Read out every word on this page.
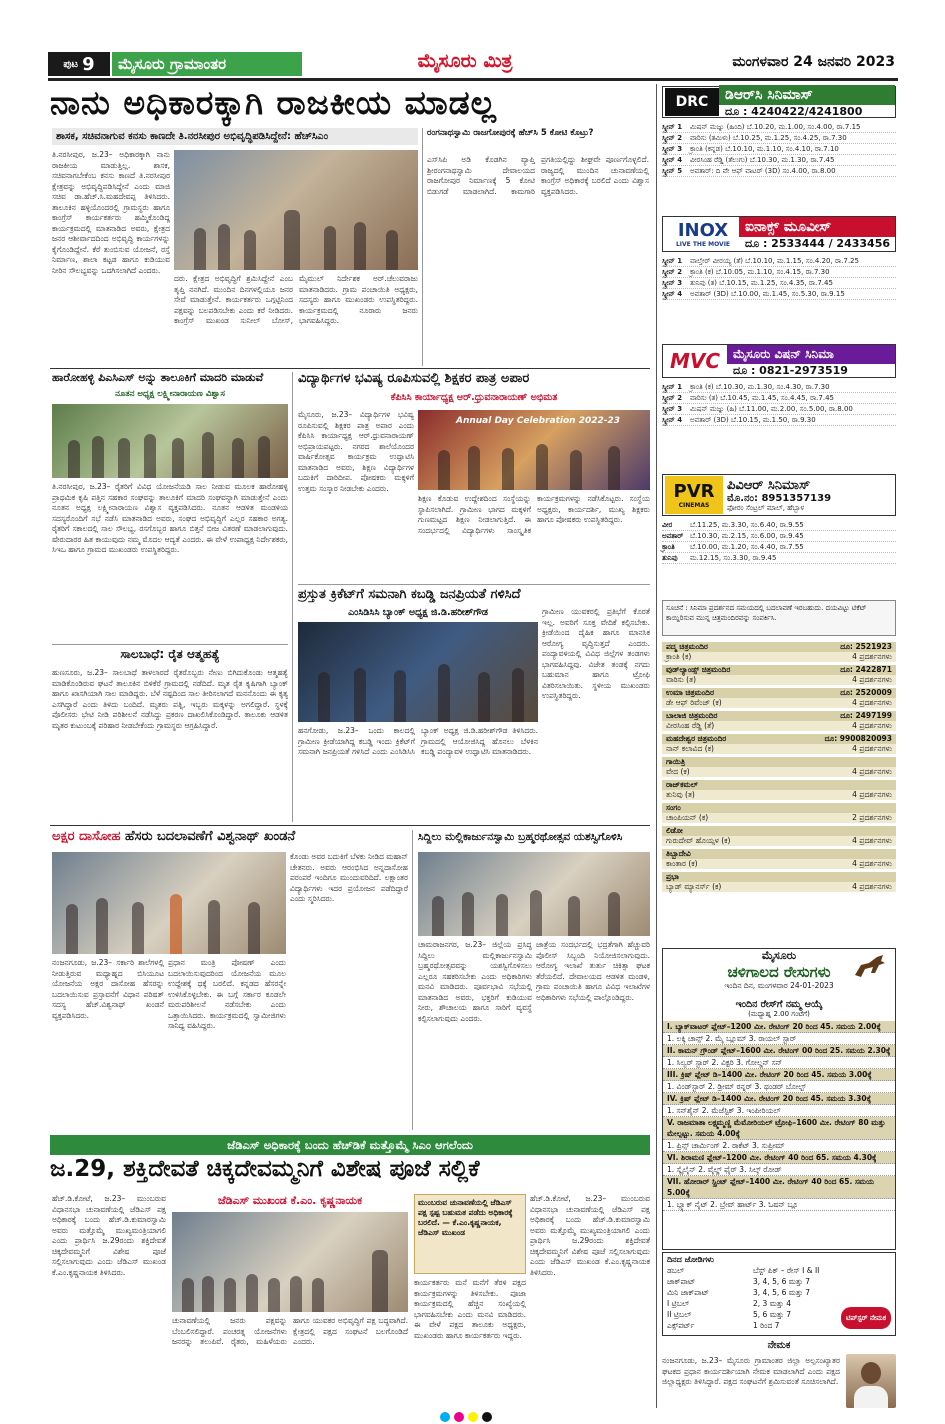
ಪುಟ 9	ಮೈಸೂರು ಗ್ರಾಮಾಂತರ	ಮೈಸೂರು ಮಿತ್ರ	ಮಂಗಳವಾರ 24 ಜನವರಿ 2023
ನಾನು ಅಧಿಕಾರಕ್ಕಾಗಿ ರಾಜಕೀಯ ಮಾಡಲ್ಲ
ಶಾಸಕ, ಸಚಿವನಾಗುವ ಕನಸು ಕಾಣದೇ ತಿ.ನರಸೀಪುರ ಅಭಿವೃದ್ಧಿಪಡಿಸಿದ್ದೇನೆ: ಹೆಚ್‌ಸಿಎಂ
ತಿ.ನರಸೀಪುರ, ಜ.23– ಅಧಿಕಾರಕ್ಕಾಗಿ ನಾನು ರಾಜಕೀಯ ಮಾಡುತ್ತಿಲ್ಲ. ಶಾಸಕ, ಸಚಿವನಾಗಬೇಕೆಂಬ ಕನಸು ಕಾಣದೆ ತಿ.ನರಸೀಪುರ ಕ್ಷೇತ್ರವನ್ನು ಅಭಿವೃದ್ಧಿಪಡಿಸಿದ್ದೇನೆ ಎಂದು ಮಾಜಿ ಸಚಿವ ಡಾ.ಹೆಚ್.ಸಿ.ಮಹದೇವಪ್ಪ ತಿಳಿಸಿದರು. ತಾಲೂಕಿನ ಹಳ್ಳಿಯೊಂದರಲ್ಲಿ ಗ್ರಾಮಸ್ಥರು ಹಾಗೂ ಕಾಂಗ್ರೆಸ್ ಕಾರ್ಯಕರ್ತರು ಹಮ್ಮಿಕೊಂಡಿದ್ದ ಕಾರ್ಯಕ್ರಮದಲ್ಲಿ ಮಾತನಾಡಿದ ಅವರು, ಕ್ಷೇತ್ರದ ಜನರ ಆಶೀರ್ವಾದದಿಂದ ಅಭಿವೃದ್ಧಿ ಕಾರ್ಯಗಳನ್ನು ಕೈಗೊಂಡಿದ್ದೇನೆ. ಕೆರೆ ತುಂಬಿಸುವ ಯೋಜನೆ, ರಸ್ತೆ ನಿರ್ಮಾಣ, ಶಾಲಾ ಕಟ್ಟಡ ಹಾಗೂ ಕುಡಿಯುವ ನೀರಿನ ಸೌಲಭ್ಯವನ್ನು ಒದಗಿಸಲಾಗಿದೆ ಎಂದರು.
ದರು. ಕ್ಷೇತ್ರದ ಅಭಿವೃದ್ಧಿಗೆ ಶ್ರಮಿಸಿದ್ದೇನೆ ಎಂಬ ತೃಪ್ತಿ ನನಗಿದೆ. ಮುಂದಿನ ದಿನಗಳಲ್ಲಿಯೂ ಜನರ ಸೇವೆ ಮಾಡುತ್ತೇನೆ. ಕಾರ್ಯಕರ್ತರು ಒಗ್ಗಟ್ಟಿನಿಂದ ಪಕ್ಷವನ್ನು ಬಲಪಡಿಸಬೇಕು ಎಂದು ಕರೆ ನೀಡಿದರು. ಕಾಂಗ್ರೆಸ್ ಮುಖಂಡ ಸುನೀಲ್ ಬೋಸ್, ಮೈಮುಲ್ ನಿರ್ದೇಶಕ ಅರ್.ಚೆಲುವರಾಜು ಮಾತನಾಡಿದರು. ಗ್ರಾಮ ಪಂಚಾಯಿತಿ ಅಧ್ಯಕ್ಷರು, ಸದಸ್ಯರು ಹಾಗೂ ಮುಖಂಡರು ಉಪಸ್ಥಿತರಿದ್ದರು. ಕಾರ್ಯಕ್ರಮದಲ್ಲಿ ನೂರಾರು ಜನರು ಭಾಗವಹಿಸಿದ್ದರು.
ರಂಗನಾಥಸ್ವಾಮಿ ರಾಜಗೋಪುರಕ್ಕೆ ಹೆಚ್‌ಸಿ 5 ಕೋಟಿ ಕೊಟ್ರು?
ಎಸ್‌ಸಿಪಿ ಅಡಿ ಕೊಡಗಿನ ವ್ಯಾಪ್ತಿ ಶ್ರೀರಂಗನಾಥಸ್ವಾಮಿ ದೇವಾಲಯದ ರಾಜಗೋಪುರ ನಿರ್ಮಾಣಕ್ಕೆ 5 ಕೋಟಿ ಬಿಡುಗಡೆ ಮಾಡಲಾಗಿದೆ. ಕಾಮಗಾರಿ ಪ್ರಗತಿಯಲ್ಲಿದ್ದು ಶೀಘ್ರವೇ ಪೂರ್ಣಗೊಳ್ಳಲಿದೆ. ರಾಜ್ಯದಲ್ಲಿ ಮುಂದಿನ ಚುನಾವಣೆಯಲ್ಲಿ ಕಾಂಗ್ರೆಸ್ ಅಧಿಕಾರಕ್ಕೆ ಬರಲಿದೆ ಎಂದು ವಿಶ್ವಾಸ ವ್ಯಕ್ತಪಡಿಸಿದರು.
ಹಾರೋಹಳ್ಳಿ ಪಿಎಸಿಎಸ್ ಅನ್ನು ತಾಲೂಕಿಗೆ ಮಾದರಿ ಮಾಡುವೆ
ನೂತನ ಅಧ್ಯಕ್ಷ ಲಕ್ಷ್ಮೀನಾರಾಯಣ ವಿಶ್ವಾಸ
ತಿ.ನರಸೀಪುರ, ಜ.23– ರೈತರಿಗೆ ವಿವಿಧ ಯೋಜನೆಯಡಿ ಸಾಲ ನೀಡುವ ಮೂಲಕ ಹಾರೋಹಳ್ಳಿ ಪ್ರಾಥಮಿಕ ಕೃಷಿ ಪತ್ತಿನ ಸಹಕಾರ ಸಂಘವನ್ನು ತಾಲೂಕಿಗೆ ಮಾದರಿ ಸಂಘವನ್ನಾಗಿ ಮಾಡುತ್ತೇನೆ ಎಂದು ನೂತನ ಅಧ್ಯಕ್ಷ ಲಕ್ಷ್ಮೀನಾರಾಯಣ ವಿಶ್ವಾಸ ವ್ಯಕ್ತಪಡಿಸಿದರು. ನೂತನ ಆಡಳಿತ ಮಂಡಳಿಯ ಸದಸ್ಯರೊಂದಿಗೆ ಸಭೆ ನಡೆಸಿ ಮಾತನಾಡಿದ ಅವರು, ಸಂಘದ ಅಭಿವೃದ್ಧಿಗೆ ಎಲ್ಲರ ಸಹಕಾರ ಅಗತ್ಯ. ರೈತರಿಗೆ ಸಕಾಲದಲ್ಲಿ ಸಾಲ ಸೌಲಭ್ಯ, ರಸಗೊಬ್ಬರ ಹಾಗೂ ಬಿತ್ತನೆ ಬೀಜ ವಿತರಣೆ ಮಾಡಲಾಗುವುದು. ಷೇರುದಾರರ ಹಿತ ಕಾಯುವುದು ನಮ್ಮ ಮೊದಲ ಆದ್ಯತೆ ಎಂದರು. ಈ ವೇಳೆ ಉಪಾಧ್ಯಕ್ಷ ನಿರ್ದೇಶಕರು, ಸಿಇಒ ಹಾಗೂ ಗ್ರಾಮದ ಮುಖಂಡರು ಉಪಸ್ಥಿತರಿದ್ದರು.
ಸಾಲಬಾಧೆ: ರೈತ ಆತ್ಮಹತ್ಯೆ
ಹುಣಸೂರು, ಜ.23– ಸಾಲಬಾಧೆ ತಾಳಲಾರದೆ ರೈತರೊಬ್ಬರು ನೇಣು ಬಿಗಿದುಕೊಂಡು ಆತ್ಮಹತ್ಯೆ ಮಾಡಿಕೊಂಡಿರುವ ಘಟನೆ ತಾಲೂಕಿನ ಬಿಳಿಕೆರೆ ಗ್ರಾಮದಲ್ಲಿ ನಡೆದಿದೆ. ಮೃತ ರೈತ ಕೃಷಿಗಾಗಿ ಬ್ಯಾಂಕ್ ಹಾಗೂ ಖಾಸಗಿಯಾಗಿ ಸಾಲ ಮಾಡಿದ್ದರು. ಬೆಳೆ ನಷ್ಟದಿಂದ ಸಾಲ ತೀರಿಸಲಾಗದೆ ಮನನೊಂದು ಈ ಕೃತ್ಯ ಎಸಗಿದ್ದಾರೆ ಎಂದು ತಿಳಿದು ಬಂದಿದೆ. ಮೃತರು ಪತ್ನಿ, ಇಬ್ಬರು ಮಕ್ಕಳನ್ನು ಅಗಲಿದ್ದಾರೆ. ಸ್ಥಳಕ್ಕೆ ಪೊಲೀಸರು ಭೇಟಿ ನೀಡಿ ಪರಿಶೀಲನೆ ನಡೆಸಿದ್ದು ಪ್ರಕರಣ ದಾಖಲಿಸಿಕೊಂಡಿದ್ದಾರೆ. ತಾಲೂಕು ಆಡಳಿತ ಮೃತರ ಕುಟುಂಬಕ್ಕೆ ಪರಿಹಾರ ನೀಡಬೇಕೆಂದು ಗ್ರಾಮಸ್ಥರು ಆಗ್ರಹಿಸಿದ್ದಾರೆ.
ವಿದ್ಯಾರ್ಥಿಗಳ ಭವಿಷ್ಯ ರೂಪಿಸುವಲ್ಲಿ ಶಿಕ್ಷಕರ ಪಾತ್ರ ಅಪಾರ
ಕೆಪಿಸಿಸಿ ಕಾರ್ಯಾಧ್ಯಕ್ಷ ಆರ್.ಧ್ರುವನಾರಾಯಣ್ ಅಭಿಮತ
ಮೈಸೂರು, ಜ.23– ವಿದ್ಯಾರ್ಥಿಗಳ ಭವಿಷ್ಯ ರೂಪಿಸುವಲ್ಲಿ ಶಿಕ್ಷಕರ ಪಾತ್ರ ಅಪಾರ ಎಂದು ಕೆಪಿಸಿಸಿ ಕಾರ್ಯಾಧ್ಯಕ್ಷ ಆರ್.ಧ್ರುವನಾರಾಯಣ್ ಅಭಿಪ್ರಾಯಪಟ್ಟರು. ನಗರದ ಶಾಲೆಯೊಂದರ ವಾರ್ಷಿಕೋತ್ಸವ ಕಾರ್ಯಕ್ರಮ ಉದ್ಘಾಟಿಸಿ ಮಾತನಾಡಿದ ಅವರು, ಶಿಕ್ಷಣ ವಿದ್ಯಾರ್ಥಿಗಳ ಬದುಕಿಗೆ ದಾರಿದೀಪ. ಪೋಷಕರು ಮಕ್ಕಳಿಗೆ ಉತ್ತಮ ಸಂಸ್ಕಾರ ನೀಡಬೇಕು ಎಂದರು.
Annual Day Celebration 2022-23
ಶಿಕ್ಷಣ ಕೊಡುವ ಉದ್ದೇಶದಿಂದ ಸಂಸ್ಥೆಯನ್ನು ಸ್ಥಾಪಿಸಲಾಗಿದೆ. ಗ್ರಾಮೀಣ ಭಾಗದ ಮಕ್ಕಳಿಗೆ ಗುಣಮಟ್ಟದ ಶಿಕ್ಷಣ ನೀಡಲಾಗುತ್ತಿದೆ. ಈ ಸಂದರ್ಭದಲ್ಲಿ ವಿದ್ಯಾರ್ಥಿಗಳು ಸಾಂಸ್ಕೃತಿಕ ಕಾರ್ಯಕ್ರಮಗಳನ್ನು ನಡೆಸಿಕೊಟ್ಟರು. ಸಂಸ್ಥೆಯ ಅಧ್ಯಕ್ಷರು, ಕಾರ್ಯದರ್ಶಿ, ಮುಖ್ಯ ಶಿಕ್ಷಕರು ಹಾಗೂ ಪೋಷಕರು ಉಪಸ್ಥಿತರಿದ್ದರು.
ಪ್ರಸ್ತುತ ಕ್ರಿಕೆಟ್‌ಗೆ ಸಮನಾಗಿ ಕಬಡ್ಡಿ ಜನಪ್ರಿಯತೆ ಗಳಿಸಿದೆ
ಎಂಸಿಡಿಸಿಸಿ ಬ್ಯಾಂಕ್ ಅಧ್ಯಕ್ಷ ಜಿ.ಡಿ.ಹರೀಶ್‌ಗೌಡ	ಗ್ರಾಮೀಣ ಯುವಕರಲ್ಲಿ ಪ್ರತಿಭೆಗೆ ಕೊರತೆ ಇಲ್ಲ. ಅವರಿಗೆ ಸೂಕ್ತ ವೇದಿಕೆ ಕಲ್ಪಿಸಬೇಕು. ಕ್ರೀಡೆಯಿಂದ ದೈಹಿಕ ಹಾಗೂ ಮಾನಸಿಕ ಆರೋಗ್ಯ ವೃದ್ಧಿಸುತ್ತದೆ ಎಂದರು. ಪಂದ್ಯಾವಳಿಯಲ್ಲಿ ವಿವಿಧ ಜಿಲ್ಲೆಗಳ ತಂಡಗಳು ಭಾಗವಹಿಸಿದ್ದವು. ವಿಜೇತ ತಂಡಕ್ಕೆ ನಗದು ಬಹುಮಾನ ಹಾಗೂ ಟ್ರೋಫಿ ವಿತರಿಸಲಾಯಿತು. ಸ್ಥಳೀಯ ಮುಖಂಡರು ಉಪಸ್ಥಿತರಿದ್ದರು.
ಹನಗೋಡು, ಜ.23– ಒಂದು ಕಾಲದಲ್ಲಿ ಗ್ರಾಮೀಣ ಕ್ರೀಡೆಯಾಗಿದ್ದ ಕಬಡ್ಡಿ ಇಂದು ಕ್ರಿಕೆಟ್‌ಗೆ ಸಮನಾಗಿ ಜನಪ್ರಿಯತೆ ಗಳಿಸಿದೆ ಎಂದು ಎಂಸಿಡಿಸಿಸಿ ಬ್ಯಾಂಕ್ ಅಧ್ಯಕ್ಷ ಜಿ.ಡಿ.ಹರೀಶ್‌ಗೌಡ ತಿಳಿಸಿದರು. ಗ್ರಾಮದಲ್ಲಿ ಆಯೋಜಿಸಿದ್ದ ಹೊನಲು ಬೆಳಕಿನ ಕಬಡ್ಡಿ ಪಂದ್ಯಾವಳಿ ಉದ್ಘಾಟಿಸಿ ಮಾತನಾಡಿದರು.
ಅಕ್ಷರ ದಾಸೋಹ ಹೆಸರು ಬದಲಾವಣೆಗೆ ವಿಶ್ವನಾಥ್ ಖಂಡನೆ
ನಂಜನಗೂಡು, ಜ.23– ಸರ್ಕಾರಿ ಶಾಲೆಗಳಲ್ಲಿ ನೀಡುತ್ತಿರುವ ಮಧ್ಯಾಹ್ನದ ಬಿಸಿಯೂಟ ಯೋಜನೆಯ ಅಕ್ಷರ ದಾಸೋಹ ಹೆಸರನ್ನು ಬದಲಾಯಿಸುವ ಪ್ರಸ್ತಾವನೆಗೆ ವಿಧಾನ ಪರಿಷತ್ ಸದಸ್ಯ ಹೆಚ್.ವಿಶ್ವನಾಥ್ ಖಂಡನೆ ವ್ಯಕ್ತಪಡಿಸಿದರು.
ಪ್ರಧಾನ ಮಂತ್ರಿ ಪೋಷಣ್ ಎಂದು ಬದಲಾಯಿಸುವುದರಿಂದ ಯೋಜನೆಯ ಮೂಲ ಉದ್ದೇಶಕ್ಕೆ ಧಕ್ಕೆ ಬರಲಿದೆ. ಕನ್ನಡದ ಹೆಸರನ್ನೇ ಉಳಿಸಿಕೊಳ್ಳಬೇಕು. ಈ ಬಗ್ಗೆ ಸರ್ಕಾರ ಕೂಡಲೇ ಮರುಪರಿಶೀಲನೆ ನಡೆಸಬೇಕು ಎಂದು ಒತ್ತಾಯಿಸಿದರು. ಕಾರ್ಯಕ್ರಮದಲ್ಲಿ ಸ್ವಾಮೀಜಿಗಳು ಸಾನಿಧ್ಯ ವಹಿಸಿದ್ದರು.
ಕೊಂಡು ಅವರ ಬದುಕಿಗೆ ಬೆಳಕು ನೀಡಿದ ಮಹಾನ್ ಚೇತನರು. ಅವರು ಆರಂಭಿಸಿದ ಅನ್ನದಾಸೋಹ ಪರಂಪರೆ ಇಂದಿಗೂ ಮುಂದುವರಿದಿದೆ. ಲಕ್ಷಾಂತರ ವಿದ್ಯಾರ್ಥಿಗಳು ಇದರ ಪ್ರಯೋಜನ ಪಡೆದಿದ್ದಾರೆ ಎಂದು ಸ್ಮರಿಸಿದರು.
ಸಿದ್ದಿಲು ಮಲ್ಲಿಕಾರ್ಜುನಸ್ವಾಮಿ ಬ್ರಹ್ಮರಥೋತ್ಸವ ಯಶಸ್ವಿಗೊಳಿಸಿ
ಚಾಮರಾಜನಗರ, ಜ.23– ಜಿಲ್ಲೆಯ ಪ್ರಸಿದ್ಧ ಸಿದ್ದಿಲು ಮಲ್ಲಿಕಾರ್ಜುನಸ್ವಾಮಿ ಬ್ರಹ್ಮರಥೋತ್ಸವವನ್ನು ಯಶಸ್ವಿಗೊಳಿಸಲು ಎಲ್ಲರೂ ಸಹಕರಿಸಬೇಕು ಎಂದು ಅಧಿಕಾರಿಗಳು ಮನವಿ ಮಾಡಿದರು. ಪೂರ್ವಭಾವಿ ಸಭೆಯಲ್ಲಿ ಮಾತನಾಡಿದ ಅವರು, ಭಕ್ತರಿಗೆ ಕುಡಿಯುವ ನೀರು, ಶೌಚಾಲಯ ಹಾಗೂ ಸಾರಿಗೆ ವ್ಯವಸ್ಥೆ ಕಲ್ಪಿಸಲಾಗುವುದು ಎಂದರು.
ಜಾತ್ರೆಯ ಸಂದರ್ಭದಲ್ಲಿ ಭದ್ರತೆಗಾಗಿ ಹೆಚ್ಚುವರಿ ಪೊಲೀಸ್ ಸಿಬ್ಬಂದಿ ನಿಯೋಜಿಸಲಾಗುವುದು. ಆರೋಗ್ಯ ಇಲಾಖೆ ತುರ್ತು ಚಿಕಿತ್ಸಾ ಘಟಕ ತೆರೆಯಲಿದೆ. ದೇವಾಲಯದ ಆಡಳಿತ ಮಂಡಳಿ, ಗ್ರಾಮ ಪಂಚಾಯಿತಿ ಹಾಗೂ ವಿವಿಧ ಇಲಾಖೆಗಳ ಅಧಿಕಾರಿಗಳು ಸಭೆಯಲ್ಲಿ ಪಾಲ್ಗೊಂಡಿದ್ದರು.
ಜೆಡಿಎಸ್ ಅಧಿಕಾರಕ್ಕೆ ಬಂದು ಹೆಚ್‌ಡಿಕೆ ಮತ್ತೊಮ್ಮೆ ಸಿಎಂ ಆಗಲೆಂದು
ಜ.29, ಶಕ್ತಿದೇವತೆ ಚಿಕ್ಕದೇವಮ್ಮನಿಗೆ ವಿಶೇಷ ಪೂಜೆ ಸಲ್ಲಿಕೆ
ಹೆಚ್.ಡಿ.ಕೋಟೆ, ಜ.23– ಮುಂಬರುವ ವಿಧಾನಸಭಾ ಚುನಾವಣೆಯಲ್ಲಿ ಜೆಡಿಎಸ್ ಪಕ್ಷ ಅಧಿಕಾರಕ್ಕೆ ಬಂದು ಹೆಚ್.ಡಿ.ಕುಮಾರಸ್ವಾಮಿ ಅವರು ಮತ್ತೊಮ್ಮೆ ಮುಖ್ಯಮಂತ್ರಿಯಾಗಲಿ ಎಂದು ಪ್ರಾರ್ಥಿಸಿ ಜ.29ರಂದು ಶಕ್ತಿದೇವತೆ ಚಿಕ್ಕದೇವಮ್ಮನಿಗೆ ವಿಶೇಷ ಪೂಜೆ ಸಲ್ಲಿಸಲಾಗುವುದು ಎಂದು ಜೆಡಿಎಸ್ ಮುಖಂಡ ಕೆ.ಎಂ.ಕೃಷ್ಣನಾಯಕ ತಿಳಿಸಿದರು.
ಜೆಡಿಎಸ್ ಮುಖಂಡ ಕೆ.ಎಂ. ಕೃಷ್ಣನಾಯಕ
ಚುನಾವಣೆಯಲ್ಲಿ ಜನರು ಪಕ್ಷವನ್ನು ಬೆಂಬಲಿಸಲಿದ್ದಾರೆ. ಪಂಚರತ್ನ ಯೋಜನೆಗಳು ಜನರನ್ನು ತಲುಪಿವೆ. ರೈತರು, ಮಹಿಳೆಯರು ಹಾಗೂ ಯುವಕರ ಅಭಿವೃದ್ಧಿಗೆ ಪಕ್ಷ ಬದ್ಧವಾಗಿದೆ. ಕ್ಷೇತ್ರದಲ್ಲಿ ಪಕ್ಷದ ಸಂಘಟನೆ ಬಲಗೊಂಡಿದೆ ಎಂದರು.
ಮುಂಬರುವ ಚುನಾವಣೆಯಲ್ಲಿ ಜೆಡಿಎಸ್ ಪಕ್ಷ ಸ್ಪಷ್ಟ ಬಹುಮತ ಪಡೆದು ಅಧಿಕಾರಕ್ಕೆ ಬರಲಿದೆ. — ಕೆ.ಎಂ.ಕೃಷ್ಣನಾಯಕ, ಜೆಡಿಎಸ್ ಮುಖಂಡ
ಕಾರ್ಯಕರ್ತರು ಮನೆ ಮನೆಗೆ ತೆರಳಿ ಪಕ್ಷದ ಕಾರ್ಯಕ್ರಮಗಳನ್ನು ತಿಳಿಸಬೇಕು. ಪೂಜಾ ಕಾರ್ಯಕ್ರಮದಲ್ಲಿ ಹೆಚ್ಚಿನ ಸಂಖ್ಯೆಯಲ್ಲಿ ಭಾಗವಹಿಸಬೇಕು ಎಂದು ಮನವಿ ಮಾಡಿದರು. ಈ ವೇಳೆ ಪಕ್ಷದ ತಾಲೂಕು ಅಧ್ಯಕ್ಷರು, ಮುಖಂಡರು ಹಾಗೂ ಕಾರ್ಯಕರ್ತರು ಇದ್ದರು.
ಹೆಚ್.ಡಿ.ಕೋಟೆ, ಜ.23– ಮುಂಬರುವ ವಿಧಾನಸಭಾ ಚುನಾವಣೆಯಲ್ಲಿ ಜೆಡಿಎಸ್ ಪಕ್ಷ ಅಧಿಕಾರಕ್ಕೆ ಬಂದು ಹೆಚ್.ಡಿ.ಕುಮಾರಸ್ವಾಮಿ ಅವರು ಮತ್ತೊಮ್ಮೆ ಮುಖ್ಯಮಂತ್ರಿಯಾಗಲಿ ಎಂದು ಪ್ರಾರ್ಥಿಸಿ ಜ.29ರಂದು ಶಕ್ತಿದೇವತೆ ಚಿಕ್ಕದೇವಮ್ಮನಿಗೆ ವಿಶೇಷ ಪೂಜೆ ಸಲ್ಲಿಸಲಾಗುವುದು ಎಂದು ಜೆಡಿಎಸ್ ಮುಖಂಡ ಕೆ.ಎಂ.ಕೃಷ್ಣನಾಯಕ ತಿಳಿಸಿದರು.
DRC	ಡಿಆರ್‌ಸಿ ಸಿನಿಮಾಸ್
ದೂ : 4240422/4241800
ಸ್ಕ್ರೀನ್ 1	ಮಿಷನ್ ಮಜ್ನು (ಹಿಂದಿ) ಬೆ.10.20, ಮ.1.00, ಸಂ.4.00, ರಾ.7.15
ಸ್ಕ್ರೀನ್ 2	ವಾರಿಸು (ತಮಿಳು) ಬೆ.10.25, ಮ.1.25, ಸಂ.4.25, ರಾ.7.30
ಸ್ಕ್ರೀನ್ 3	ಕ್ರಾಂತಿ (ಕನ್ನಡ) ಬೆ.10.10, ಮ.1.10, ಸಂ.4.10, ರಾ.7.10
ಸ್ಕ್ರೀನ್ 4	ವೀರಸಿಂಹ ರೆಡ್ಡಿ (ತೆಲುಗು) ಬೆ.10.30, ಮ.1.30, ರಾ.7.45
ಸ್ಕ್ರೀನ್ 5	ಅವತಾರ್: ದಿ ವೇ ಆಫ್ ವಾಟರ್ (3D) ಸಂ.4.00, ರಾ.8.00
INOX
LIVE THE MOVIE
ಐನಾಕ್ಸ್ ಮೂವೀಸ್
ದೂ : 2533444 / 2433456
ಸ್ಕ್ರೀನ್ 1	ವಾಲ್ತೇರ್ ವೀರಯ್ಯ (ತೆ) ಬೆ.10.10, ಮ.1.15, ಸಂ.4.20, ರಾ.7.25
ಸ್ಕ್ರೀನ್ 2	ಕ್ರಾಂತಿ (ಕ) ಬೆ.10.05, ಮ.1.10, ಸಂ.4.15, ರಾ.7.30
ಸ್ಕ್ರೀನ್ 3	ತುನಿವು (ತ) ಬೆ.10.15, ಮ.1.25, ಸಂ.4.35, ರಾ.7.45
ಸ್ಕ್ರೀನ್ 4	ಅವತಾರ್ (3D) ಬೆ.10.00, ಮ.1.45, ಸಂ.5.30, ರಾ.9.15
MVC	ಮೈಸೂರು ವಿಷನ್ ಸಿನಿಮಾ
ದೂ : 0821-2973519
ಸ್ಕ್ರೀನ್ 1	ಕ್ರಾಂತಿ (ಕ) ಬೆ.10.30, ಮ.1.30, ಸಂ.4.30, ರಾ.7.30
ಸ್ಕ್ರೀನ್ 2	ವಾರಿಸು (ತ) ಬೆ.10.45, ಮ.1.45, ಸಂ.4.45, ರಾ.7.45
ಸ್ಕ್ರೀನ್ 3	ಮಿಷನ್ ಮಜ್ನು (ಹಿ) ಬೆ.11.00, ಮ.2.00, ಸಂ.5.00, ರಾ.8.00
ಸ್ಕ್ರೀನ್ 4	ಅವತಾರ್ (3D) ಬೆ.10.15, ಮ.1.50, ರಾ.9.30
PVR
CINEMAS
ಪಿವಿಆರ್ ಸಿನಿಮಾಸ್
ಮೊ.ನಂ: 8951357139
ಫೋರಂ ಸೆಂಟ್ರಲ್ ಮಾಲ್, ಹೆಬ್ಬಾಳ
ವೀರ	ಬೆ.11.25, ಮ.3.30, ಸಂ.6.40, ರಾ.9.55
ಅವತಾರ್ ಬೆ.10.30, ಮ.2.15, ಸಂ.6.00, ರಾ.9.45
ಕ್ರಾಂತಿ	ಬೆ.10.00, ಮ.1.20, ಸಂ.4.40, ರಾ.7.55
ತುನಿವು	ಮ.12.15, ಸಂ.3.30, ರಾ.9.45
ಸೂಚನೆ : ಸಿನಿಮಾ ಪ್ರದರ್ಶನದ ಸಮಯದಲ್ಲಿ ಬದಲಾವಣೆ ಇರಬಹುದು. ದಯವಿಟ್ಟು ಟಿಕೆಟ್ ಕಾಯ್ದಿರಿಸುವ ಮುನ್ನ ಚಿತ್ರಮಂದಿರವನ್ನು ಸಂಪರ್ಕಿಸಿ.
ಪದ್ಮ ಚಿತ್ರಮಂದಿರ	ದೂ: 2521923
ಕ್ರಾಂತಿ (ಕ)	4 ಪ್ರದರ್ಶನಗಳು
ವುಡ್‌ಲ್ಯಾಂಡ್ಸ್ ಚಿತ್ರಮಂದಿರ	ದೂ: 2422871
ವಾರಿಸು (ತ)	4 ಪ್ರದರ್ಶನಗಳು
ಉಮಾ ಚಿತ್ರಮಂದಿರ	ದೂ: 2520009
ಡೇ ಆಫ್ ರಿವೆಂಜ್ (ಕ)	4 ಪ್ರದರ್ಶನಗಳು
ಬಾಲಾಜಿ ಚಿತ್ರಮಂದಿರ	ದೂ: 2497199
ವೀರಸಿಂಹ ರೆಡ್ಡಿ (ತೆ)	4 ಪ್ರದರ್ಶನಗಳು
ಮಹದೇಶ್ವರ ಚಿತ್ರಮಂದಿರ	ದೂ: 9900820093
ನಾನ್ ಕಲಾವಿದ (ಕ)	4 ಪ್ರದರ್ಶನಗಳು
ಗಾಯಿತ್ರಿ
ವೇದ (ಕ)	4 ಪ್ರದರ್ಶನಗಳು
ರಾಜ್‌ಕಮಲ್
ತುನಿವು (ತ)	4 ಪ್ರದರ್ಶನಗಳು
ಸಂಗಂ
ಚಾಂಪಿಯನ್ (ಕ)	2 ಪ್ರದರ್ಶನಗಳು
ಲಿಡೋ
ಗುರುದೇವ್ ಹೊಯ್ಸಳ (ಕ)	4 ಪ್ರದರ್ಶನಗಳು
ತಿಬ್ಬಾದೇವಿ
ಕಾಂತಾರ (ಕ)	4 ಪ್ರದರ್ಶನಗಳು
ಪ್ರಭಾ
ಬ್ಯಾಡ್ ಮ್ಯಾನರ್ಸ್ (ಕ)	4 ಪ್ರದರ್ಶನಗಳು
ಮೈಸೂರು
ಚಳಿಗಾಲದ ರೇಸುಗಳು
ಇಂದಿನ ದಿನ, ಮಂಗಳವಾರ 24-01-2023
ಇಂದಿನ ರೇಸ್‌ಗೆ ನಮ್ಮ ಆಯ್ಕೆ
(ಮಧ್ಯಾಹ್ನ 2.00 ಗಂಟೆಗೆ)
I. ಬ್ಯಾಕ್‌ವಾಟರ್ ಪ್ಲೇಟ್–1200 ಮೀ. ರೇಟಿಂಗ್ 20 ರಿಂದ 45. ಸಮಯ 2.00ಕ್ಕೆ
1. ಲಕ್ಕಿ ಚಾನ್ಸ್ 2. ಮೈ ಬ್ಲೂಮ್ 3. ರಾಯಲ್ ಸ್ಟಾರ್
II. ಕಾಮನ್ ಗ್ರೌಂಡ್ ಪ್ಲೇಟ್–1600 ಮೀ. ರೇಟಿಂಗ್ 00 ರಿಂದ 25. ಸಮಯ 2.30ಕ್ಕೆ
1. ಸಿಲ್ವರ್ ಸ್ಟಾರ್ 2. ವಿಕ್ಟರಿ 3. ಗೋಲ್ಡನ್ ಸನ್
III. ಕ್ರಿಷ್ ಪ್ಲೇಟ್ ಡಿ–1400 ಮೀ. ರೇಟಿಂಗ್ 20 ರಿಂದ 45. ಸಮಯ 3.00ಕ್ಕೆ
1. ವಿಂಡ್‌ಸ್ಟಾರ್ 2. ಡ್ರೀಮ್ ರನ್ನರ್ 3. ಥಂಡರ್ ಬೋಲ್ಟ್
IV. ಕ್ರಿಷ್ ಪ್ಲೇಟ್ ಡಿ–1400 ಮೀ. ರೇಟಿಂಗ್ 20 ರಿಂದ 45. ಸಮಯ 3.30ಕ್ಕೆ
1. ಸನ್‌ಶೈನ್ 2. ಮೆಜೆಸ್ಟಿಕ್ 3. ಇಂಪೀರಿಯಲ್
V. ರಾಜಮಾತಾ ಲಕ್ಷ್ಮಮ್ಮಣ್ಣಿ ಮೆಮೋರಿಯಲ್ ಟ್ರೋಫಿ–1600 ಮೀ. ರೇಟಿಂಗ್ 80 ಮತ್ತು ಮೇಲ್ಪಟ್ಟು. ಸಮಯ 4.00ಕ್ಕೆ
1. ಪ್ರಿನ್ಸ್ ಚಾರ್ಮಿಂಗ್ 2. ರಾಕೆಟ್ 3. ಸುಪ್ರೀಮ್
VI. ಶಿರಾಮಣಿ ಪ್ಲೇಟ್–1200 ಮೀ. ರೇಟಿಂಗ್ 40 ರಿಂದ 65. ಸಮಯ 4.30ಕ್ಕೆ
1. ಸ್ಕೈಲೈನ್ 2. ವೈಲ್ಡ್ ಫೈರ್ 3. ಸಿಲ್ಕ್ ರೋಡ್
VII. ಹೋರಾರ್ ಸ್ಪ್ರಿಂಟ್ ಪ್ಲೇಟ್–1400 ಮೀ. ರೇಟಿಂಗ್ 40 ರಿಂದ 65. ಸಮಯ 5.00ಕ್ಕೆ
1. ಬ್ಲ್ಯಾಕ್ ನೈಟ್ 2. ಬ್ರೇವ್ ಹಾರ್ಟ್ 3. ಓಷನ್ ಬ್ಲೂ
ದಿನದ ಜೋಡಿಗಳು
ಡಬಲ್	ಬೆಸ್ಟ್ ಪಿಕ್ – ರೇಸ್ I & II
ಜಾಕ್‌ಪಾಟ್	3, 4, 5, 6 ಮತ್ತು 7
ಮಿನಿ ಜಾಕ್‌ಪಾಟ್	3, 4, 5, 6 ಮತ್ತು 7
I ಟ್ರಿಬಲ್	2, 3 ಮತ್ತು 4
II ಟ್ರಿಬಲ್	5, 6 ಮತ್ತು 7
ಎಕ್ಸ್‌ಪರ್ಟ್	1 ರಿಂದ 7
ಟಿಪ್‌ಸ್ಟರ್ ನೇಮಕ
ನೇಮಕ
ನಂಜನಗೂಡು, ಜ.23– ಮೈಸೂರು ಗ್ರಾಮಾಂತರ ಜಿಲ್ಲಾ ಅಲ್ಪಸಂಖ್ಯಾತರ ಘಟಕದ ಪ್ರಧಾನ ಕಾರ್ಯದರ್ಶಿಯಾಗಿ ನೇಮಕ ಮಾಡಲಾಗಿದೆ ಎಂದು ಪಕ್ಷದ ಜಿಲ್ಲಾಧ್ಯಕ್ಷರು ತಿಳಿಸಿದ್ದಾರೆ. ಪಕ್ಷದ ಸಂಘಟನೆಗೆ ಶ್ರಮಿಸುವಂತೆ ಸೂಚಿಸಲಾಗಿದೆ.
